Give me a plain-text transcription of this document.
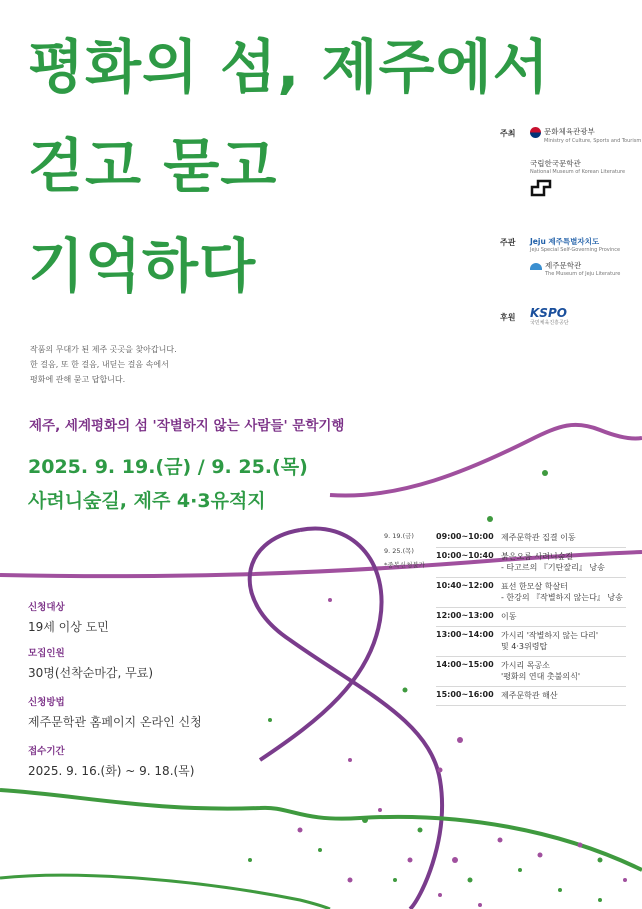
평화의 섬, 제주에서
걷고 묻고
기억하다
작품의 무대가 된 제주 곳곳을 찾아갑니다.
한 걸음, 또 한 걸음, 내딛는 걸음 속에서
평화에 관해 묻고 답합니다.
제주, 세계평화의 섬 '작별하지 않는 사람들' 문학기행
2025. 9. 19.(금) / 9. 25.(목)
사려니숲길, 제주 4·3유적지
주최	문화체육관광부
Ministry of Culture, Sports and Tourism
국립한국문학관
National Museum of Korean Literature
주관 Jeju 제주특별자치도
Jeju Special Self-Governing Province
제주문학관
The Museum of Jeju Literature
후원 KSPO
국민체육진흥공단
신청대상
19세 이상 도민
모집인원
30명(선착순마감, 무료)
신청방법
제주문학관 홈페이지 온라인 신청
접수기간
2025. 9. 16.(화) ~ 9. 18.(목)
9. 19.(금)
9. 25.(목)
*중복신청불가
09:00~10:00 제주문학관 집결 이동
10:00~10:40 붉은오름 사려니숲길
- 타고르의 『기탄잘리』 낭송
10:40~12:00 표선 한모살 학살터
- 한강의 『작별하지 않는다』 낭송
12:00~13:00 이동
13:00~14:00 가시리 '작별하지 않는 다리'
및 4·3위령탑
14:00~15:00 가시리 목공소
'평화의 연대 촛불의식'
15:00~16:00 제주문학관 해산
